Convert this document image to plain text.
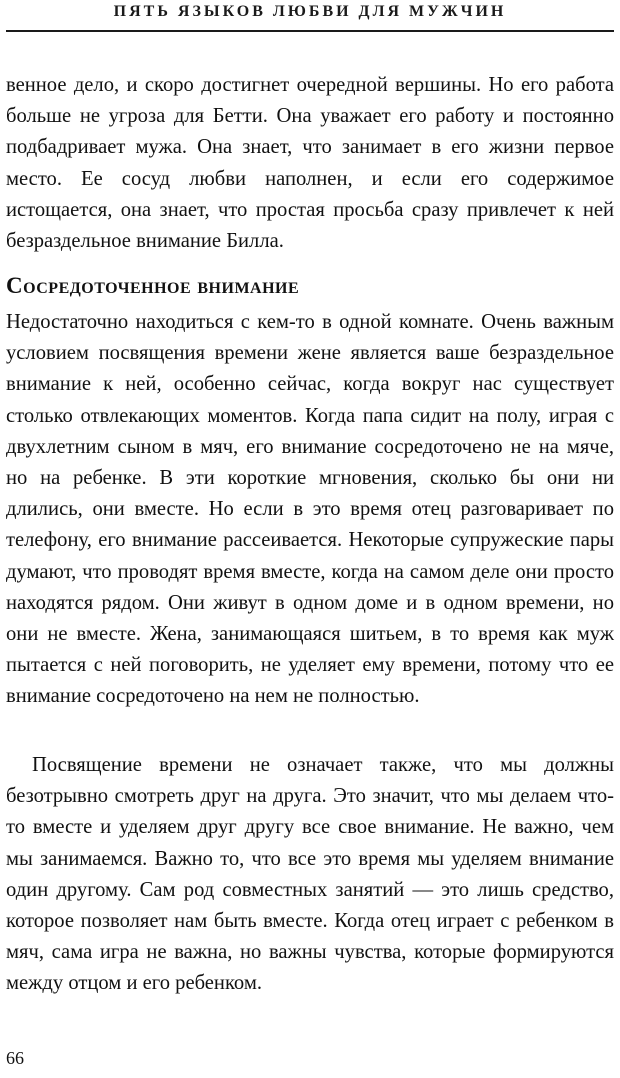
ПЯТЬ ЯЗЫКОВ ЛЮБВИ ДЛЯ МУЖЧИН

венное дело, и скоро достигнет очередной вершины. Но его работа больше не угроза для Бетти. Она уважает его работу и постоянно подбадривает мужа. Она знает, что занимает в его жизни первое место. Ее сосуд любви наполнен, и если его содержимое истощается, она знает, что простая просьба сразу привлечет к ней безраздельное внимание Билла.

Сосредоточенное внимание

Недостаточно находиться с кем-то в одной комнате. Очень важным условием посвящения времени жене является ваше безраздельное внимание к ней, особенно сейчас, когда вокруг нас существует столько отвлекающих моментов. Когда папа сидит на полу, играя с двухлетним сыном в мяч, его внимание сосредоточено не на мяче, но на ребенке. В эти короткие мгновения, сколько бы они ни длились, они вместе. Но если в это время отец разговаривает по телефону, его внимание рассеивается. Некоторые супружеские пары думают, что проводят время вместе, когда на самом деле они просто находятся рядом. Они живут в одном доме и в одном времени, но они не вместе. Жена, занимающаяся шитьем, в то время как муж пытается с ней поговорить, не уделяет ему времени, потому что ее внимание сосредоточено на нем не полностью.

Посвящение времени не означает также, что мы должны безотрывно смотреть друг на друга. Это значит, что мы делаем что-то вместе и уделяем друг другу все свое внимание. Не важно, чем мы занимаемся. Важно то, что все это время мы уделяем внимание один другому. Сам род совместных занятий — это лишь средство, которое позволяет нам быть вместе. Когда отец играет с ребенком в мяч, сама игра не важна, но важны чувства, которые формируются между отцом и его ребенком.

66
